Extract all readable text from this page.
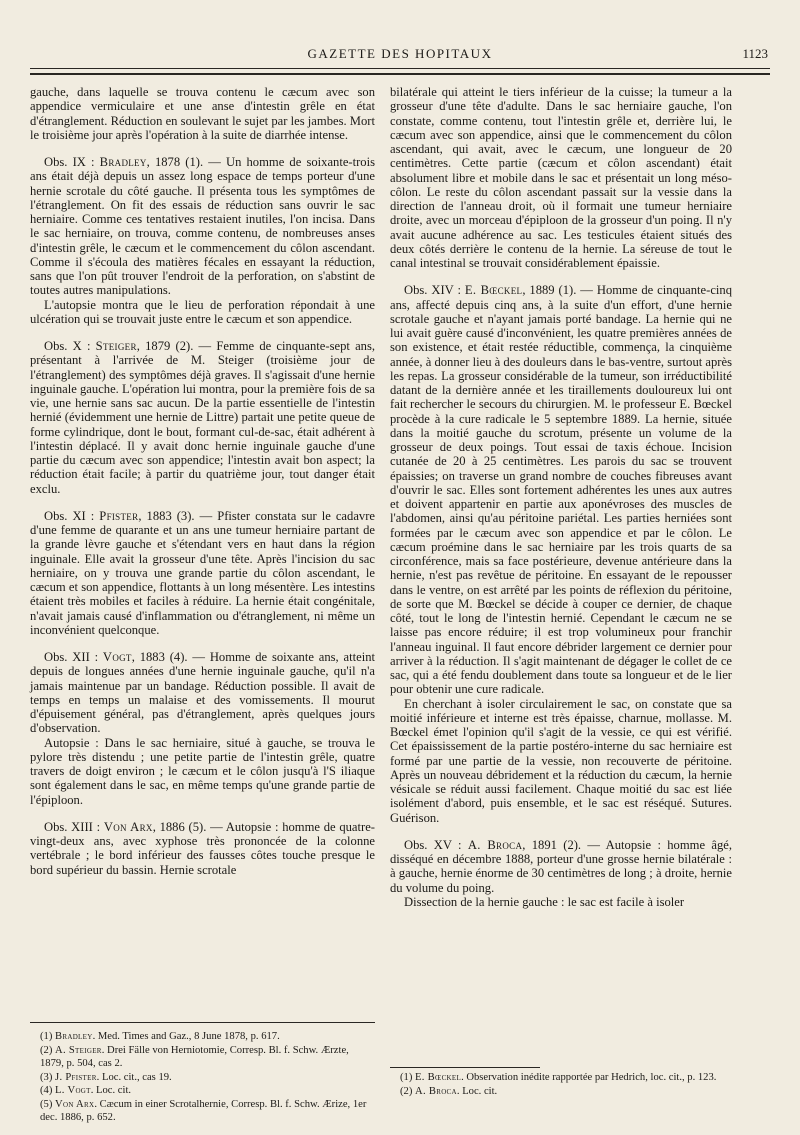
GAZETTE DES HOPITAUX	1123

gauche, dans laquelle se trouva contenu le cæcum avec son appendice vermiculaire et une anse d'intestin grêle en état d'étranglement. Réduction en soulevant le sujet par les jambes. Mort le troisième jour après l'opération à la suite de diarrhée intense.

Obs. IX : Bradley, 1878 (1). — Un homme de soixante-trois ans était déjà depuis un assez long espace de temps porteur d'une hernie scrotale du côté gauche. Il présenta tous les symptômes de l'étranglement. On fit des essais de réduction sans ouvrir le sac herniaire. Comme ces tentatives restaient inutiles, l'on incisa. Dans le sac herniaire, on trouva, comme contenu, de nombreuses anses d'intestin grêle, le cæcum et le commencement du côlon ascendant. Comme il s'écoula des matières fécales en essayant la réduction, sans que l'on pût trouver l'endroit de la perforation, on s'abstint de toutes autres manipulations.

L'autopsie montra que le lieu de perforation répondait à une ulcération qui se trouvait juste entre le cæcum et son appendice.

Obs. X : Steiger, 1879 (2). — Femme de cinquante-sept ans, présentant à l'arrivée de M. Steiger (troisième jour de l'étranglement) des symptômes déjà graves. Il s'agissait d'une hernie inguinale gauche. L'opération lui montra, pour la première fois de sa vie, une hernie sans sac aucun. De la partie essentielle de l'intestin hernié (évidemment une hernie de Littre) partait une petite queue de forme cylindrique, dont le bout, formant cul-de-sac, était adhérent à l'intestin déplacé. Il y avait donc hernie inguinale gauche d'une partie du cæcum avec son appendice; l'intestin avait bon aspect; la réduction était facile; à partir du quatrième jour, tout danger était exclu.

Obs. XI : Pfister, 1883 (3). — Pfister constata sur le cadavre d'une femme de quarante et un ans une tumeur herniaire partant de la grande lèvre gauche et s'étendant vers en haut dans la région inguinale. Elle avait la grosseur d'une tête. Après l'incision du sac herniaire, on y trouva une grande partie du côlon ascendant, le cæcum et son appendice, flottants à un long mésentère. Les intestins étaient très mobiles et faciles à réduire. La hernie était congénitale, n'avait jamais causé d'inflammation ou d'étranglement, ni même un inconvénient quelconque.

Obs. XII : Vogt, 1883 (4). — Homme de soixante ans, atteint depuis de longues années d'une hernie inguinale gauche, qu'il n'a jamais maintenue par un bandage. Réduction possible. Il avait de temps en temps un malaise et des vomissements. Il mourut d'épuisement général, pas d'étranglement, après quelques jours d'observation.

Autopsie : Dans le sac herniaire, situé à gauche, se trouva le pylore très distendu ; une petite partie de l'intestin grêle, quatre travers de doigt environ ; le cæcum et le côlon jusqu'à l'S iliaque sont également dans le sac, en même temps qu'une grande partie de l'épiploon.

Obs. XIII : Von Arx, 1886 (5). — Autopsie : homme de quatre-vingt-deux ans, avec xyphose très prononcée de la colonne vertébrale ; le bord inférieur des fausses côtes touche presque le bord supérieur du bassin. Hernie scrotale

(1) Bradley. Med. Times and Gaz., 8 June 1878, p. 617.
(2) A. Steiger. Drei Fälle von Herniotomie, Corresp. Bl. f. Schw. Ærzte, 1879, p. 504, cas 2.
(3) J. Pfister. Loc. cit., cas 19.
(4) L. Vogt. Loc. cit.
(5) Von Arx. Cæcum in einer Scrotalhernie, Corresp. Bl. f. Schw. Ærize, 1er dec. 1886, p. 652.

bilatérale qui atteint le tiers inférieur de la cuisse; la tumeur a la grosseur d'une tête d'adulte. Dans le sac herniaire gauche, l'on constate, comme contenu, tout l'intestin grêle et, derrière lui, le cæcum avec son appendice, ainsi que le commencement du côlon ascendant, qui avait, avec le cæcum, une longueur de 20 centimètres. Cette partie (cæcum et côlon ascendant) était absolument libre et mobile dans le sac et présentait un long méso-côlon. Le reste du côlon ascendant passait sur la vessie dans la direction de l'anneau droit, où il formait une tumeur herniaire droite, avec un morceau d'épiploon de la grosseur d'un poing. Il n'y avait aucune adhérence au sac. Les testicules étaient situés des deux côtés derrière le contenu de la hernie. La séreuse de tout le canal intestinal se trouvait considérablement épaissie.

Obs. XIV : E. Bœckel, 1889 (1). — Homme de cinquante-cinq ans, affecté depuis cinq ans, à la suite d'un effort, d'une hernie scrotale gauche et n'ayant jamais porté bandage. La hernie qui ne lui avait guère causé d'inconvénient, les quatre premières années de son existence, et était restée réductible, commença, la cinquième année, à donner lieu à des douleurs dans le bas-ventre, surtout après les repas. La grosseur considérable de la tumeur, son irréductibilité datant de la dernière année et les tiraillements douloureux lui ont fait rechercher le secours du chirurgien. M. le professeur E. Bœckel procède à la cure radicale le 5 septembre 1889. La hernie, située dans la moitié gauche du scrotum, présente un volume de la grosseur de deux poings. Tout essai de taxis échoue. Incision cutanée de 20 à 25 centimètres. Les parois du sac se trouvent épaissies; on traverse un grand nombre de couches fibreuses avant d'ouvrir le sac. Elles sont fortement adhérentes les unes aux autres et doivent appartenir en partie aux aponévroses des muscles de l'abdomen, ainsi qu'au péritoine pariétal. Les parties herniées sont formées par le cæcum avec son appendice et par le côlon. Le cæcum proémine dans le sac herniaire par les trois quarts de sa circonférence, mais sa face postérieure, devenue antérieure dans la hernie, n'est pas revêtue de péritoine. En essayant de le repousser dans le ventre, on est arrêté par les points de réflexion du péritoine, de sorte que M. Bœckel se décide à couper ce dernier, de chaque côté, tout le long de l'intestin hernié. Cependant le cæcum ne se laisse pas encore réduire; il est trop volumineux pour franchir l'anneau inguinal. Il faut encore débrider largement ce dernier pour arriver à la réduction. Il s'agit maintenant de dégager le collet de ce sac, qui a été fendu doublement dans toute sa longueur et de le lier pour obtenir une cure radicale.

En cherchant à isoler circulairement le sac, on constate que sa moitié inférieure et interne est très épaisse, charnue, mollasse. M. Bœckel émet l'opinion qu'il s'agit de la vessie, ce qui est vérifié. Cet épaississement de la partie postéro-interne du sac herniaire est formé par une partie de la vessie, non recouverte de péritoine. Après un nouveau débridement et la réduction du cæcum, la hernie vésicale se réduit aussi facilement. Chaque moitié du sac est liée isolément d'abord, puis ensemble, et le sac est réséqué. Sutures. Guérison.

Obs. XV : A. Broca, 1891 (2). — Autopsie : homme âgé, disséqué en décembre 1888, porteur d'une grosse hernie bilatérale : à gauche, hernie énorme de 30 centimètres de long ; à droite, hernie du volume du poing.

Dissection de la hernie gauche : le sac est facile à isoler

(1) E. Bœckel. Observation inédite rapportée par Hedrich, loc. cit., p. 123.
(2) A. Broca. Loc. cit.
